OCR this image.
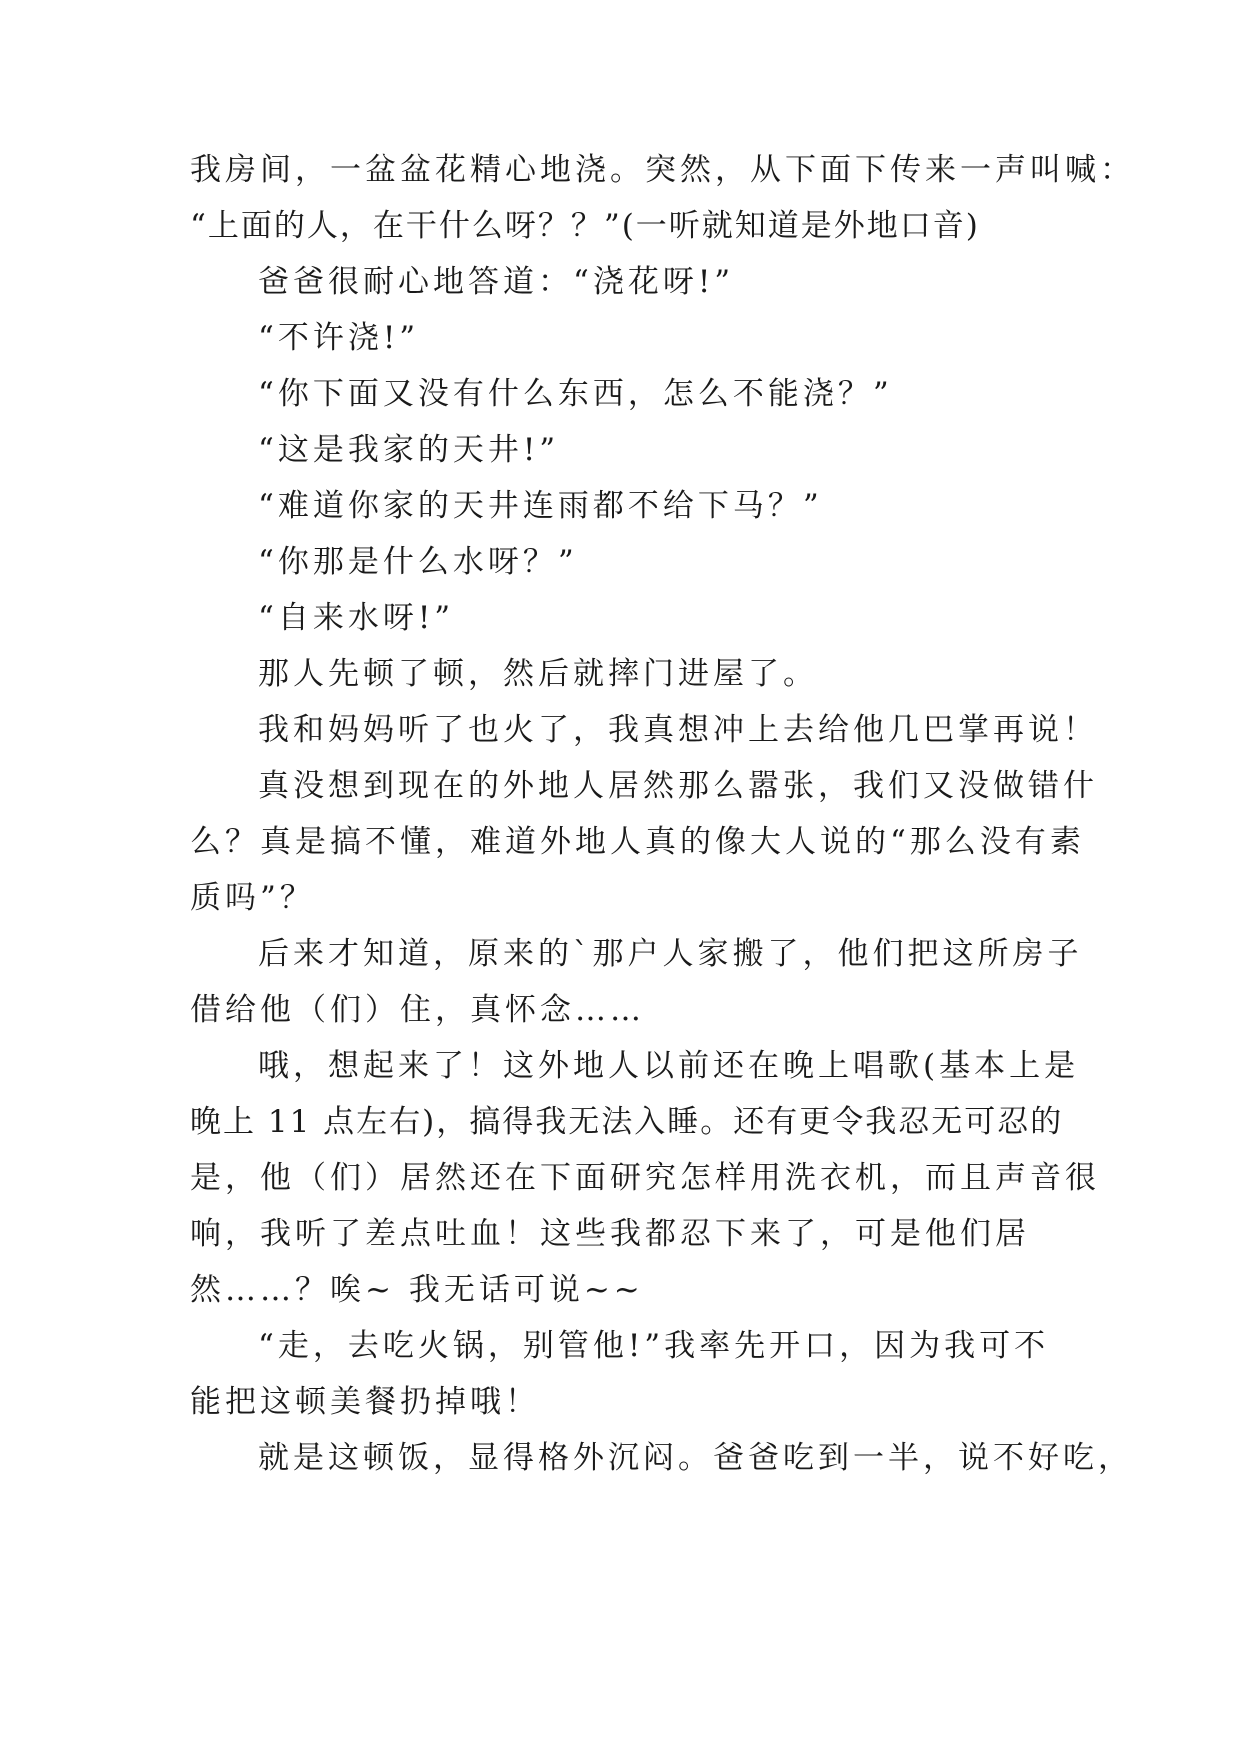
我房间，一盆盆花精心地浇。突然，从下面下传来一声叫喊：
“上面的人，在干什么呀？？”(一听就知道是外地口音)
爸爸很耐心地答道：“浇花呀!”
“不许浇!”
“你下面又没有什么东西，怎么不能浇？”
“这是我家的天井!”
“难道你家的天井连雨都不给下马？”
“你那是什么水呀？”
“自来水呀!”
那人先顿了顿，然后就摔门进屋了。
我和妈妈听了也火了，我真想冲上去给他几巴掌再说！
真没想到现在的外地人居然那么嚣张，我们又没做错什
么？真是搞不懂，难道外地人真的像大人说的“那么没有素
质吗”？
后来才知道，原来的`那户人家搬了，他们把这所房子
借给他（们）住，真怀念……
哦，想起来了！这外地人以前还在晚上唱歌(基本上是
晚上 11 点左右)，搞得我无法入睡。还有更令我忍无可忍的
是，他（们）居然还在下面研究怎样用洗衣机，而且声音很
响，我听了差点吐血！这些我都忍下来了，可是他们居
然……？唉~ 我无话可说~~
“走，去吃火锅，别管他!”我率先开口，因为我可不
能把这顿美餐扔掉哦！
就是这顿饭，显得格外沉闷。爸爸吃到一半，说不好吃，
